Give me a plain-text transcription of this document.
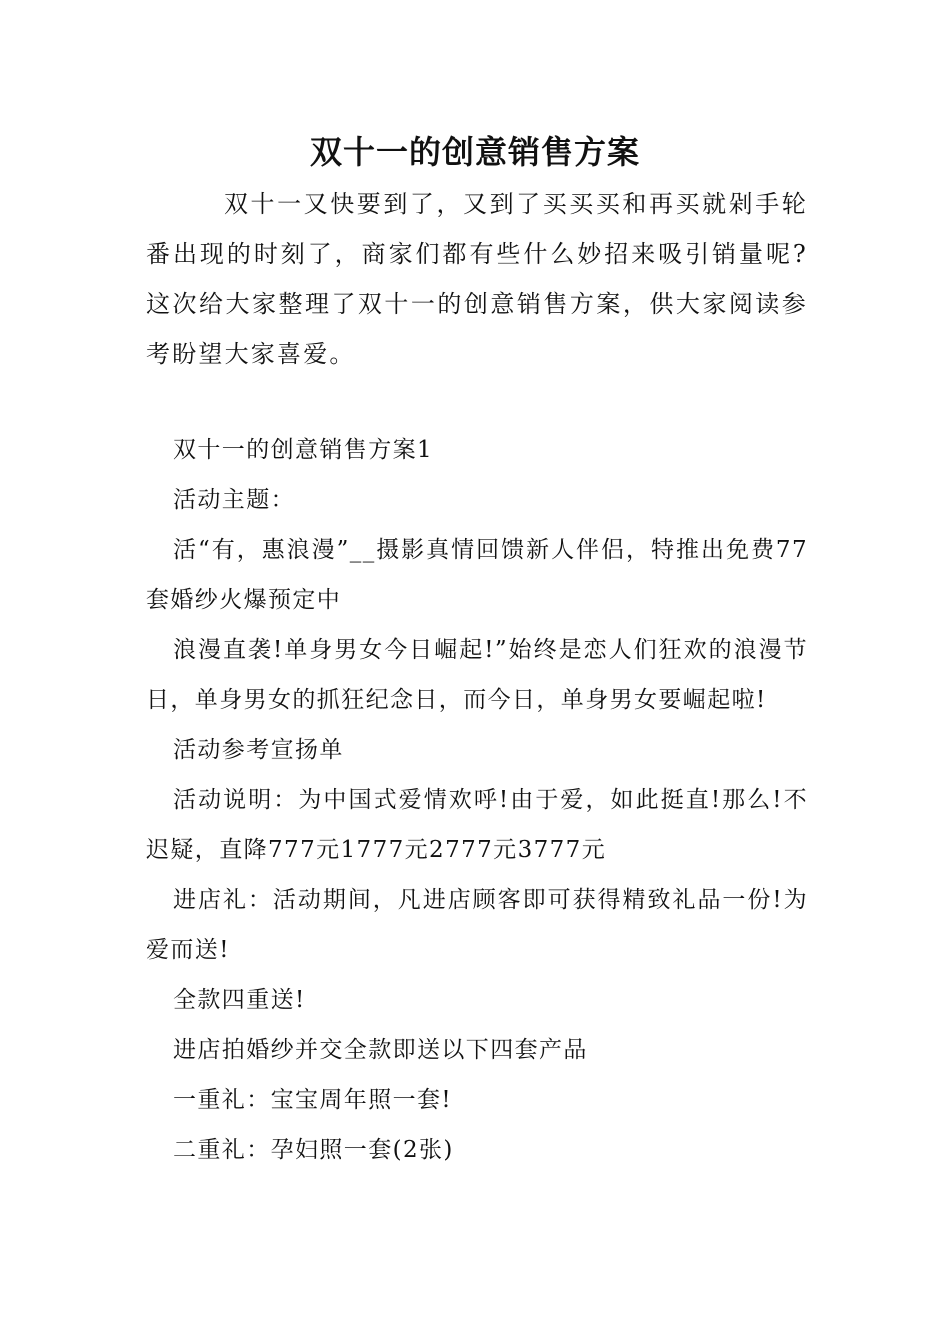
双十一的创意销售方案

双十一又快要到了，又到了买买买和再买就剁手轮番出现的时刻了，商家们都有些什么妙招来吸引销量呢?这次给大家整理了双十一的创意销售方案，供大家阅读参考盼望大家喜爱。

双十一的创意销售方案1

活动主题：

活“有，惠浪漫”__摄影真情回馈新人伴侣，特推出免费77套婚纱火爆预定中

浪漫直袭!单身男女今日崛起!”始终是恋人们狂欢的浪漫节日，单身男女的抓狂纪念日，而今日，单身男女要崛起啦!

活动参考宣扬单

活动说明：为中国式爱情欢呼!由于爱，如此挺直!那么!不迟疑，直降777元1777元2777元3777元

进店礼：活动期间，凡进店顾客即可获得精致礼品一份!为爱而送!

全款四重送!

进店拍婚纱并交全款即送以下四套产品

一重礼：宝宝周年照一套!

二重礼：孕妇照一套(2张)
